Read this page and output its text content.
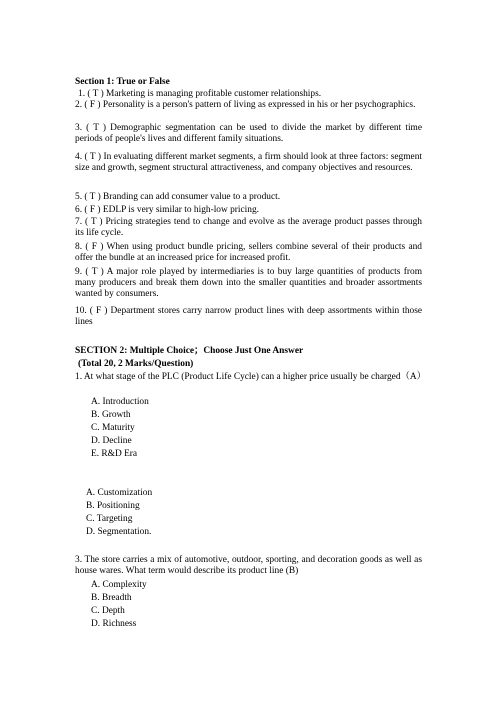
Section 1: True or False
1. ( T ) Marketing is managing profitable customer relationships.
2. ( F ) Personality is a person's pattern of living as expressed in his or her psychographics.
3. ( T ) Demographic segmentation can be used to divide the market by different time periods of people's lives and different family situations.
4. ( T ) In evaluating different market segments, a firm should look at three factors: segment size and growth, segment structural attractiveness, and company objectives and resources.
5. ( T ) Branding can add consumer value to a product.
6. ( F ) EDLP is very similar to high-low pricing.
7. ( T ) Pricing strategies tend to change and evolve as the average product passes through its life cycle.
8. ( F ) When using product bundle pricing, sellers combine several of their products and offer the bundle at an increased price for increased profit.
9. ( T ) A major role played by intermediaries is to buy large quantities of products from many producers and break them down into the smaller quantities and broader assortments wanted by consumers.
10. ( F ) Department stores carry narrow product lines with deep assortments within those lines
SECTION 2: Multiple Choice；Choose Just One Answer
(Total 20, 2 Marks/Question)
1. At what stage of the PLC (Product Life Cycle) can a higher price usually be charged（A）
A. Introduction
B. Growth
C. Maturity
D. Decline
E. R&D Era
A. Customization
B. Positioning
C. Targeting
D. Segmentation.
3. The store carries a mix of automotive, outdoor, sporting, and decoration goods as well as house wares. What term would describe its product line (B)
A. Complexity
B. Breadth
C. Depth
D. Richness
